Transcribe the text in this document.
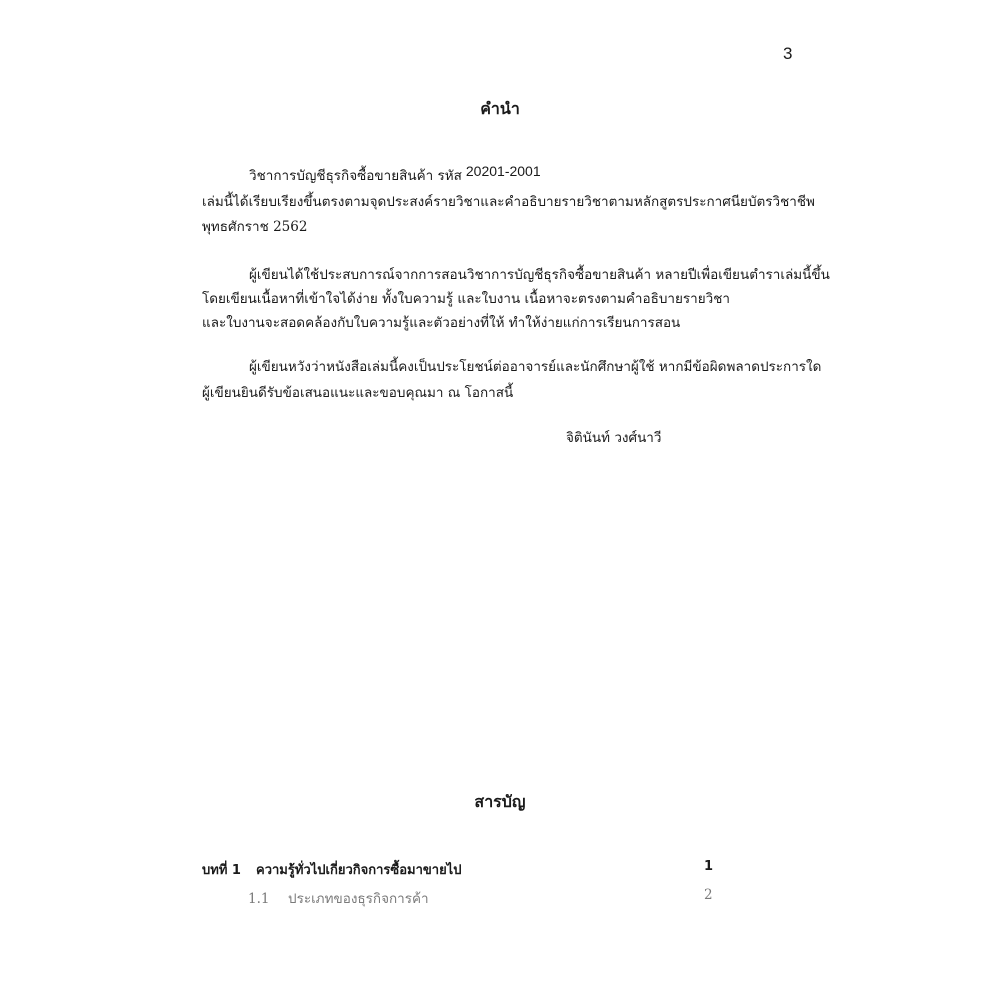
3
คำนำ
วิชาการบัญชีธุรกิจซื้อขายสินค้า รหัส 20201-2001
เล่มนี้ได้เรียบเรียงขึ้นตรงตามจุดประสงค์รายวิชาและคำอธิบายรายวิชาตามหลักสูตรประกาศนียบัตรวิชาชีพ
พุทธศักราช 2562
ผู้เขียนได้ใช้ประสบการณ์จากการสอนวิชาการบัญชีธุรกิจซื้อขายสินค้า หลายปีเพื่อเขียนตำราเล่มนี้ขึ้น
โดยเขียนเนื้อหาที่เข้าใจได้ง่าย ทั้งใบความรู้ และใบงาน เนื้อหาจะตรงตามคำอธิบายรายวิชา
และใบงานจะสอดคล้องกับใบความรู้และตัวอย่างที่ให้ ทำให้ง่ายแก่การเรียนการสอน
ผู้เขียนหวังว่าหนังสือเล่มนี้คงเป็นประโยชน์ต่ออาจารย์และนักศึกษาผู้ใช้ หากมีข้อผิดพลาดประการใด
ผู้เขียนยินดีรับข้อเสนอแนะและขอบคุณมา ณ โอกาสนี้
จิตินันท์ วงศ์นาวี
สารบัญ
บทที่ 1 ความรู้ทั่วไปเกี่ยวกิจการซื้อมาขายไป	1
1.1 ประเภทของธุรกิจการค้า	2
